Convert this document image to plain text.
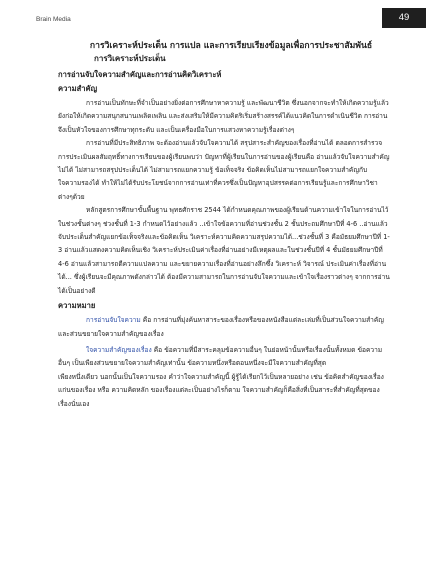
Brain Media	49

การวิเคราะห์ประเด็น การแปล และการเรียบเรียงข้อมูลเพื่อการประชาสัมพันธ์

การวิเคราะห์ประเด็น

การอ่านจับใจความสำคัญและการอ่านคิดวิเคราะห์
ความสำคัญ

การอ่านเป็นทักษะที่จำเป็นอย่างยิ่งต่อการศึกษาหาความรู้ และพัฒนาชีวิต ซึ่งนอกจากจะทำให้เกิดความรู้แล้วยังก่อให้เกิดความสนุกสนานเพลิดเพลิน และส่งเสริมให้มีความคิดริเริ่มสร้างสรรค์ได้แนวคิดในการดำเนินชีวิต การอ่านจึงเป็นหัวใจของการศึกษาทุกระดับ และเป็นเครื่องมือในการแสวงหาความรู้เรื่องต่างๆ

การอ่านที่มีประสิทธิภาพ จะต้องอ่านแล้วจับใจความได้ สรุปสาระสำคัญของเรื่องที่อ่านได้ ตลอดการสำรวจการประเมินผลสัมฤทธิ์ทางการเรียนของผู้เรียนพบว่า ปัญหาที่ผู้เรียนในการอ่านของผู้เรียนคือ อ่านแล้วจับใจความสำคัญไม่ได้ ไม่สามารถสรุปประเด็นได้ ไม่สามารถแยกความรู้ ข้อเท็จจริง ข้อคิดเห็นไม่สามารถแยกใจความสำคัญกับใจความรองได้ ทำให้ไม่ได้รับประโยชน์จากการอ่านเท่าที่ควรซึ่งเป็นปัญหาอุปสรรคต่อการเรียนรู้และการศึกษาวิชาต่างๆด้วย

หลักสูตรการศึกษาขั้นพื้นฐาน พุทธศักราช 2544 ได้กำหนดคุณภาพของผู้เรียนด้านความเข้าใจในการอ่านไว้ในช่วงชั้นต่างๆ ช่วงชั้นที่ 1-3 กำหนดไว้อย่างแล้ว ..เข้าใจข้อความที่อ่านช่วงชั้น 2 ชั้นประถมศึกษาปีที่ 4-6 ..อ่านแล้วจับประเด็นสำคัญแยกข้อเท็จจริงและข้อคิดเห็น วิเคราะห์ความคิดความสรุปความได้...ช่วงชั้นที่ 3 คือมัธยมศึกษาปีที่ 1-3 อ่านแล้วแสดงความคิดเห็นเชิง วิเคราะห์ประเมินค่าเรื่องที่อ่านอย่างมีเหตุผลและในช่วงชั้นปีที่ 4 ชั้นมัธยมศึกษาปีที่ 4-6 อ่านแล้วสามารถตีความแปลความ และขยายความเรื่องที่อ่านอย่างลึกซึ้ง วิเคราะห์ วิจารณ์ ประเมินค่าเรื่องที่อ่านได้... ซึ่งผู้เรียนจะมีคุณภาพดังกล่าวได้ ต้องมีความสามารถในการอ่านจับใจความและเข้าใจเรื่องราวต่างๆ จากการอ่านได้เป็นอย่างดี

ความหมาย

การอ่านจับใจความ คือ การอ่านที่มุ่งค้นหาสาระของเรื่องหรือของหนังสือแต่ละเล่มที่เป็นส่วนใจความสำคัญ และส่วนขยายใจความสำคัญของเรื่อง

ใจความสำคัญของเรื่อง คือ ข้อความที่มีสาระคลุมข้อความอื่นๆ ในย่อหน้านั้นหรือเรื่องนั้นทั้งหมด ข้อความอื่นๆ เป็นเพียงส่วนขยายใจความสำคัญเท่านั้น ข้อความหนึ่งหรือตอนหนึ่งจะมีใจความสำคัญที่สุด

เพียงหนึ่งเดียว นอกนั้นเป็นใจความรอง คำว่าใจความสำคัญนี้ ผู้รู้ได้เรียกไว้เป็นหลายอย่าง เช่น ข้อคิดสำคัญของเรื่อง แก่นของเรื่อง หรือ ความคิดหลัก ของเรื่องแต่ละเป็นอย่างไรก็ตาม ใจความสำคัญก็คือสิ่งที่เป็นสาระที่สำคัญที่สุดของเรื่องนั่นเอง
